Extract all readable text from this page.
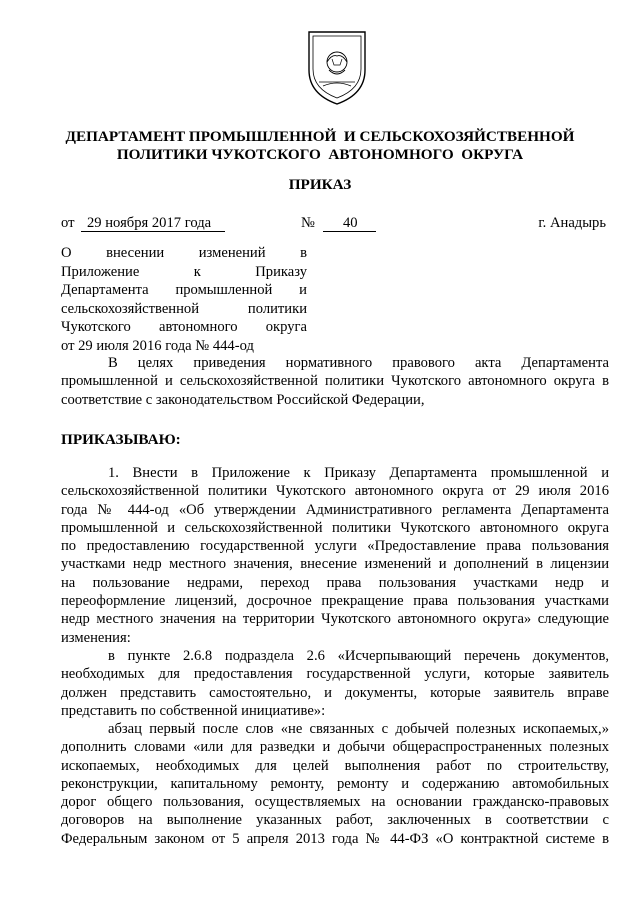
ДЕПАРТАМЕНТ ПРОМЫШЛЕННОЙ  И СЕЛЬСКОХОЗЯЙСТВЕННОЙ
ПОЛИТИКИ ЧУКОТСКОГО  АВТОНОМНОГО  ОКРУГА
ПРИКАЗ
от 29 ноября 2017 года	№	40	г. Анадырь
О        внесении        изменений        в
Приложение         к         Приказу
Департамента     промышленной     и
сельскохозяйственной       политики
Чукотского     автономного     округа
от 29 июля 2016 года № 444-од
В целях приведения нормативного правового акта Департамента
промышленной и сельскохозяйственной политики Чукотского автономного округа в
соответствие с законодательством Российской Федерации,
ПРИКАЗЫВАЮ:
1. Внести в Приложение к Приказу Департамента промышленной и
сельскохозяйственной политики Чукотского автономного округа от 29 июля 2016
года № 444-од «Об утверждении Административного регламента Департамента
промышленной и сельскохозяйственной политики Чукотского автономного округа
по предоставлению государственной услуги «Предоставление права пользования
участками недр местного значения, внесение изменений и дополнений в лицензии
на пользование недрами, переход права пользования участками недр и
переоформление лицензий, досрочное прекращение права пользования участками
недр местного значения на территории Чукотского автономного округа» следующие
изменения:
в пункте 2.6.8 подраздела 2.6 «Исчерпывающий перечень документов,
необходимых для предоставления государственной услуги, которые заявитель
должен представить самостоятельно, и документы, которые заявитель вправе
представить по собственной инициативе»:
абзац первый после слов «не связанных с добычей полезных ископаемых,»
дополнить словами «или для разведки и добычи общераспространенных полезных
ископаемых, необходимых для целей выполнения работ по строительству,
реконструкции, капитальному ремонту, ремонту и содержанию автомобильных
дорог общего пользования, осуществляемых на основании гражданско-правовых
договоров на выполнение указанных работ, заключенных в соответствии с
Федеральным законом от 5 апреля 2013 года № 44-ФЗ «О контрактной системе в
